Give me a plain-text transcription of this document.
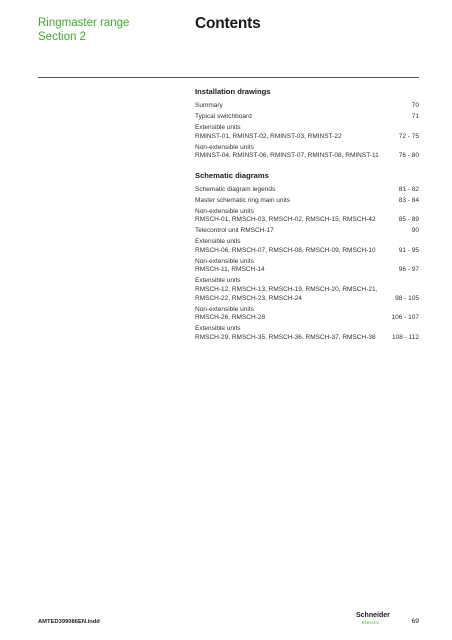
Ringmaster range
Section 2
Contents
Installation drawings
Summary	70
Typical switchboard	71
Extensible units
RMINST-01, RMINST-02, RMINST-03, RMINST-22	72 - 75
Non-extensible units
RMINST-04, RMINST-06, RMINST-07, RMINST-08, RMINST-11	76 - 80
Schematic diagrams
Schematic diagram legends	81 - 82
Master schematic ring main units	83 - 84
Non-extensible units
RMSCH-01, RMSCH-03, RMSCH-02, RMSCH-15, RMSCH-42	85 - 89
Telecontrol unit RMSCH-17	90
Extensible units
RMSCH-06, RMSCH-07, RMSCH-08, RMSCH-09, RMSCH-10	91 - 95
Non-extensible units
RMSCH-11, RMSCH-14	96 - 97
Extensible units
RMSCH-12, RMSCH-13, RMSCH-19, RMSCH-20, RMSCH-21,
RMSCH-22, RMSCH-23, RMSCH-24	98 - 105
Non-extensible units
RMSCH-26, RMSCH-28	106 - 107
Extensible units
RMSCH-29, RMSCH-35, RMSCH-36, RMSCH-37, RMSCH-38	108 - 112
AMTED399086EN.indd
Schneider
Electric	69
